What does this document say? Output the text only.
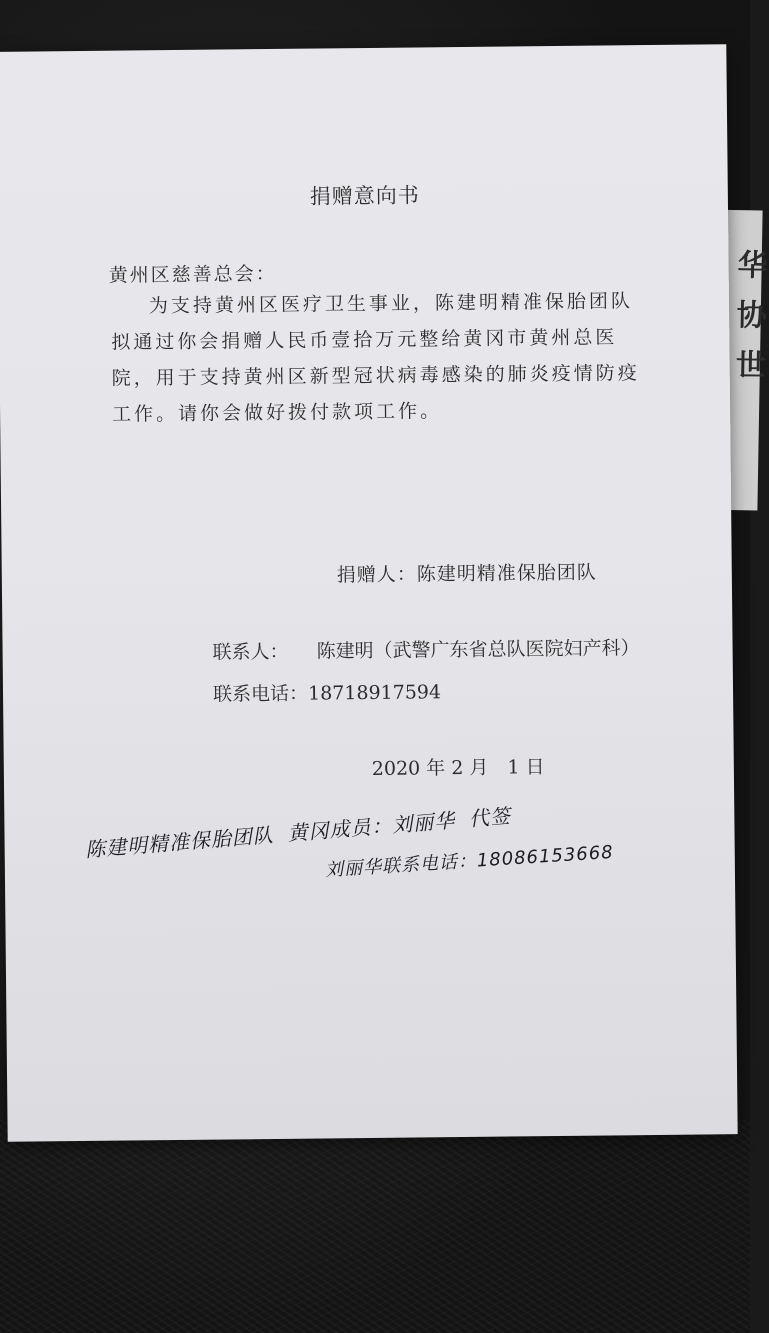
华
协
世
捐赠意向书
黄州区慈善总会：
为支持黄州区医疗卫生事业，陈建明精准保胎团队拟通过你会捐赠人民币壹拾万元整给黄冈市黄州总医院，用于支持黄州区新型冠状病毒感染的肺炎疫情防疫工作。请你会做好拨付款项工作。
捐赠人：陈建明精准保胎团队
联系人： 陈建明（武警广东省总队医院妇产科）
联系电话：18718917594
2020 年 2 月　1 日
陈建明精准保胎团队 黄冈成员：刘丽华 代签
刘丽华联系电话：18086153668
